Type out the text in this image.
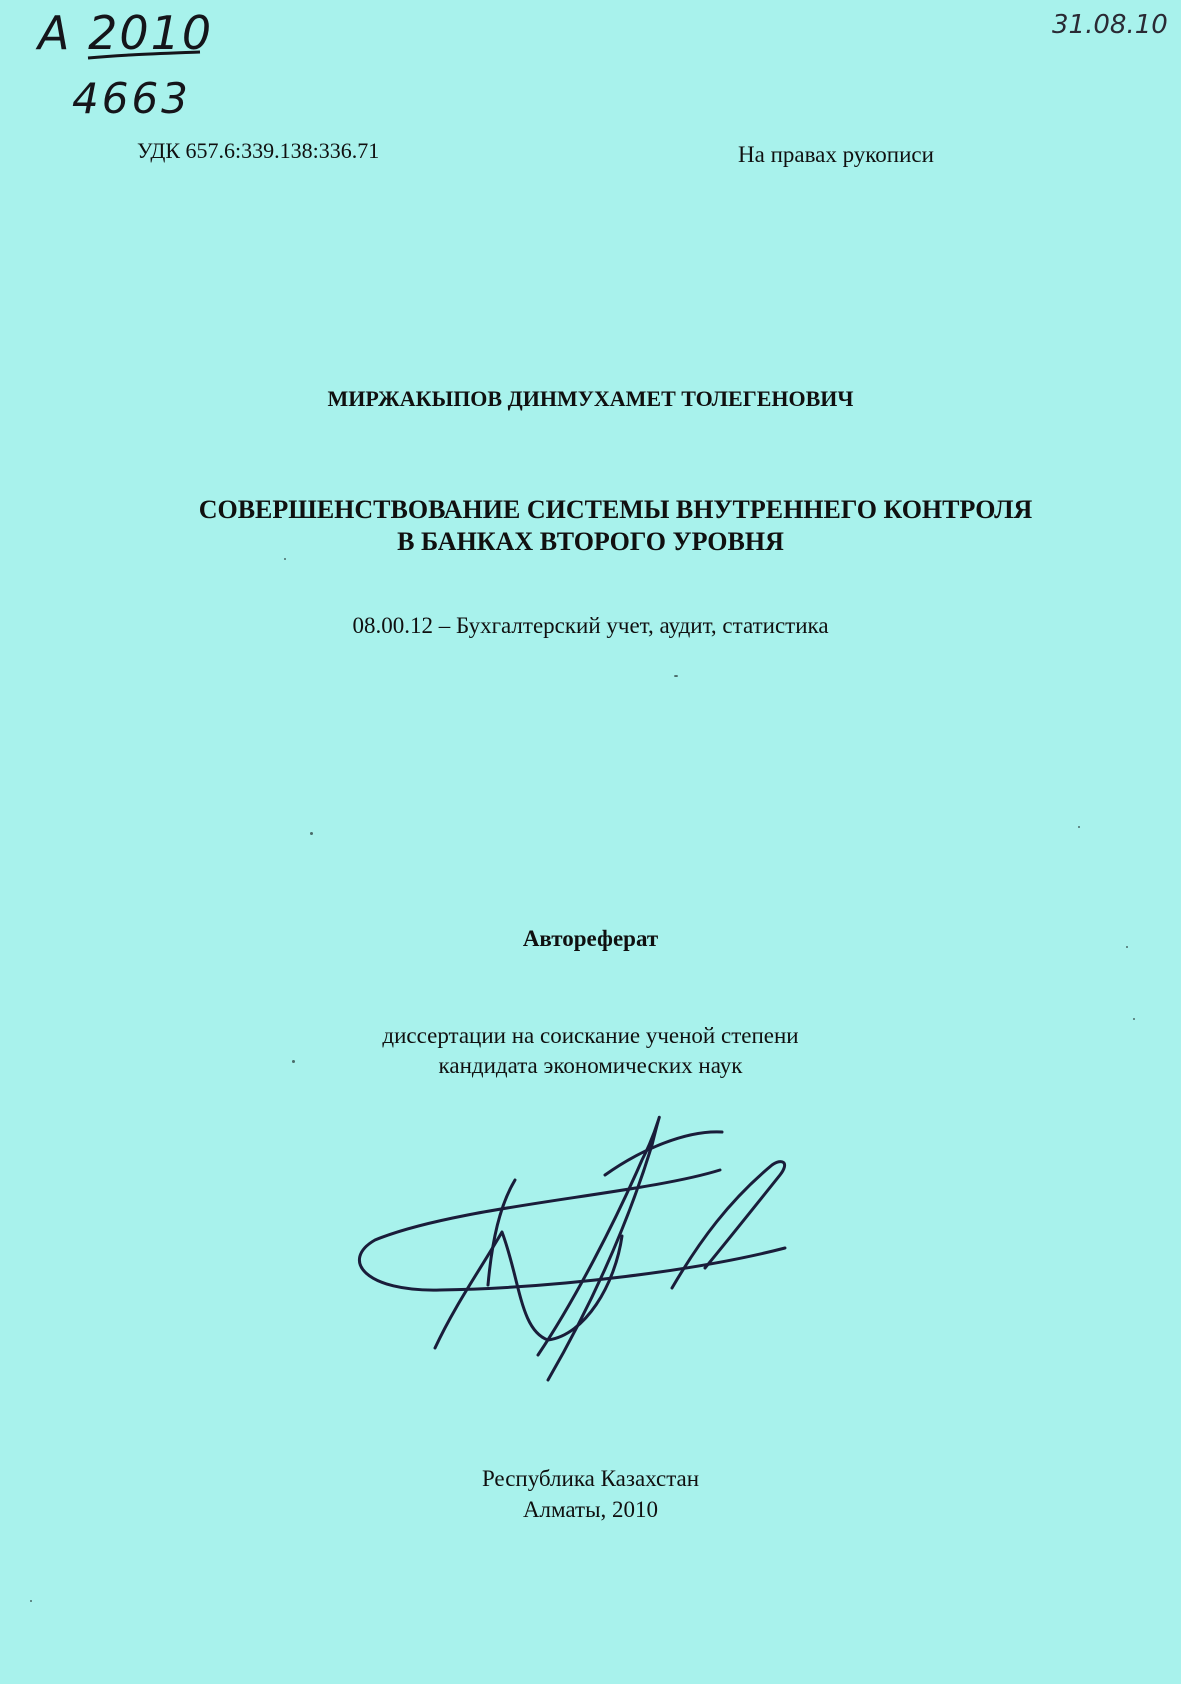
А 2010
4663
31.08.10
УДК 657.6:339.138:336.71	На правах рукописи
МИРЖАКЫПОВ ДИНМУХАМЕТ ТОЛЕГЕНОВИЧ
СОВЕРШЕНСТВОВАНИЕ СИСТЕМЫ ВНУТРЕННЕГО КОНТРОЛЯ
В БАНКАХ ВТОРОГО УРОВНЯ
08.00.12 – Бухгалтерский учет, аудит, статистика
Автореферат
диссертации на соискание ученой степени
кандидата экономических наук
Республика Казахстан
Алматы, 2010
